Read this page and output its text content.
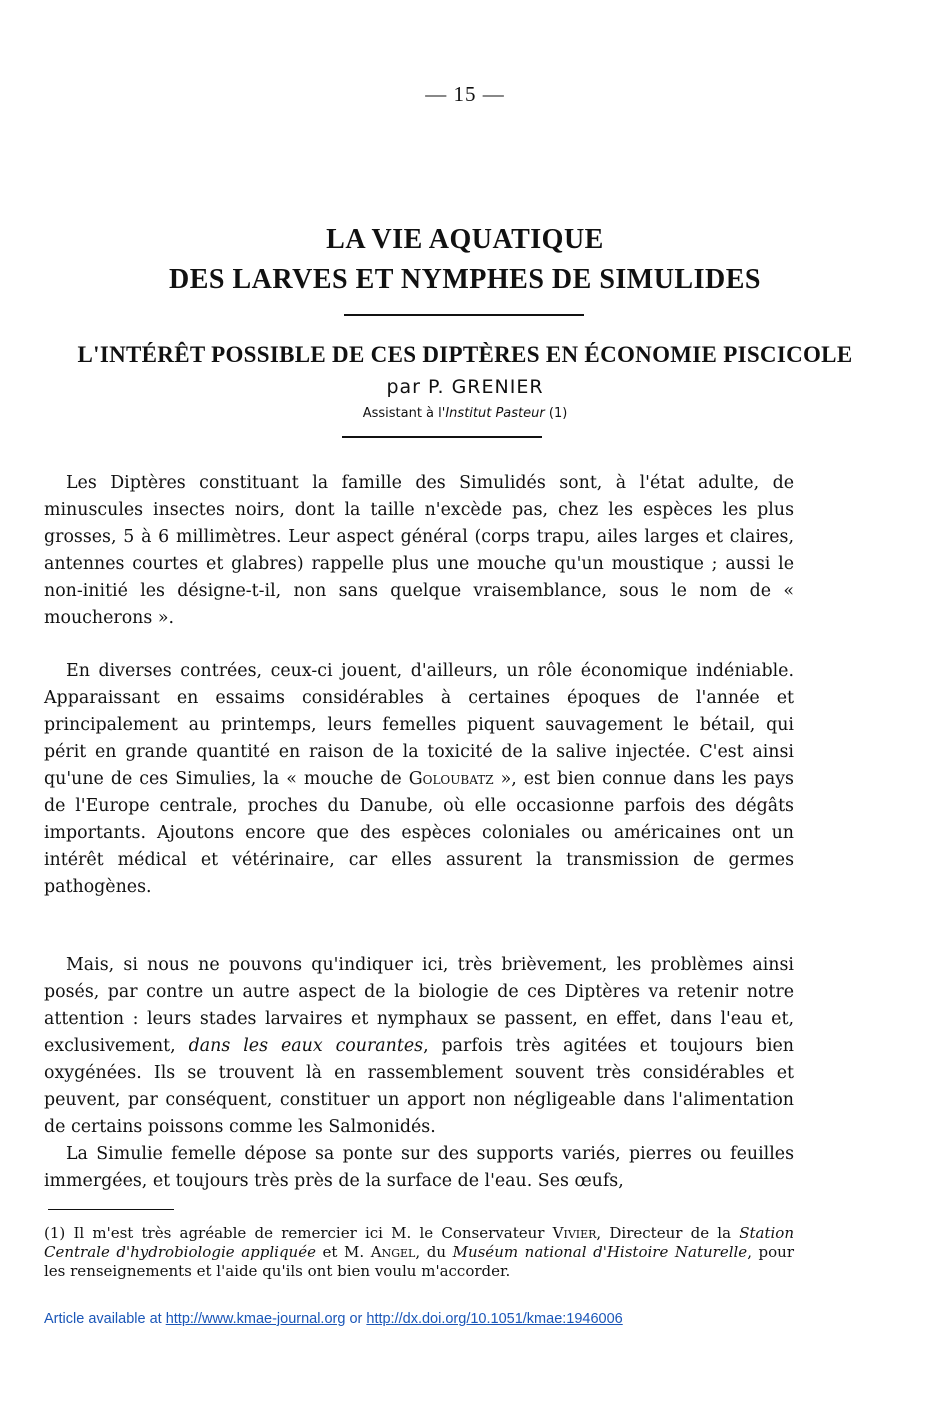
— 15 —
LA VIE AQUATIQUE
DES LARVES ET NYMPHES DE SIMULIDES
L'INTÉRÊT POSSIBLE DE CES DIPTÈRES EN ÉCONOMIE PISCICOLE
par P. GRENIER
Assistant à l'Institut Pasteur (1)

Les Diptères constituant la famille des Simulidés sont, à l'état adulte, de minuscules insectes noirs, dont la taille n'excède pas, chez les espèces les plus grosses, 5 à 6 millimètres. Leur aspect général (corps trapu, ailes larges et claires, antennes courtes et glabres) rappelle plus une mouche qu'un moustique ; aussi le non-initié les désigne-t-il, non sans quelque vraisemblance, sous le nom de « moucherons ».

En diverses contrées, ceux-ci jouent, d'ailleurs, un rôle économique indéniable. Apparaissant en essaims considérables à certaines époques de l'année et principalement au printemps, leurs femelles piquent sauvagement le bétail, qui périt en grande quantité en raison de la toxicité de la salive injectée. C'est ainsi qu'une de ces Simulies, la « mouche de Goloubatz », est bien connue dans les pays de l'Europe centrale, proches du Danube, où elle occasionne parfois des dégâts importants. Ajoutons encore que des espèces coloniales ou américaines ont un intérêt médical et vétérinaire, car elles assurent la transmission de germes pathogènes.

Mais, si nous ne pouvons qu'indiquer ici, très brièvement, les problèmes ainsi posés, par contre un autre aspect de la biologie de ces Diptères va retenir notre attention : leurs stades larvaires et nymphaux se passent, en effet, dans l'eau et, exclusivement, dans les eaux courantes, parfois très agitées et toujours bien oxygénées. Ils se trouvent là en rassemblement souvent très considérables et peuvent, par conséquent, constituer un apport non négligeable dans l'alimentation de certains poissons comme les Salmonidés.

La Simulie femelle dépose sa ponte sur des supports variés, pierres ou feuilles immergées, et toujours très près de la surface de l'eau. Ses œufs,

(1) Il m'est très agréable de remercier ici M. le Conservateur Vivier, Directeur de la Station Centrale d'hydrobiologie appliquée et M. Angel, du Muséum national d'Histoire Naturelle, pour les renseignements et l'aide qu'ils ont bien voulu m'accorder.
Article available at http://www.kmae-journal.org or http://dx.doi.org/10.1051/kmae:1946006
